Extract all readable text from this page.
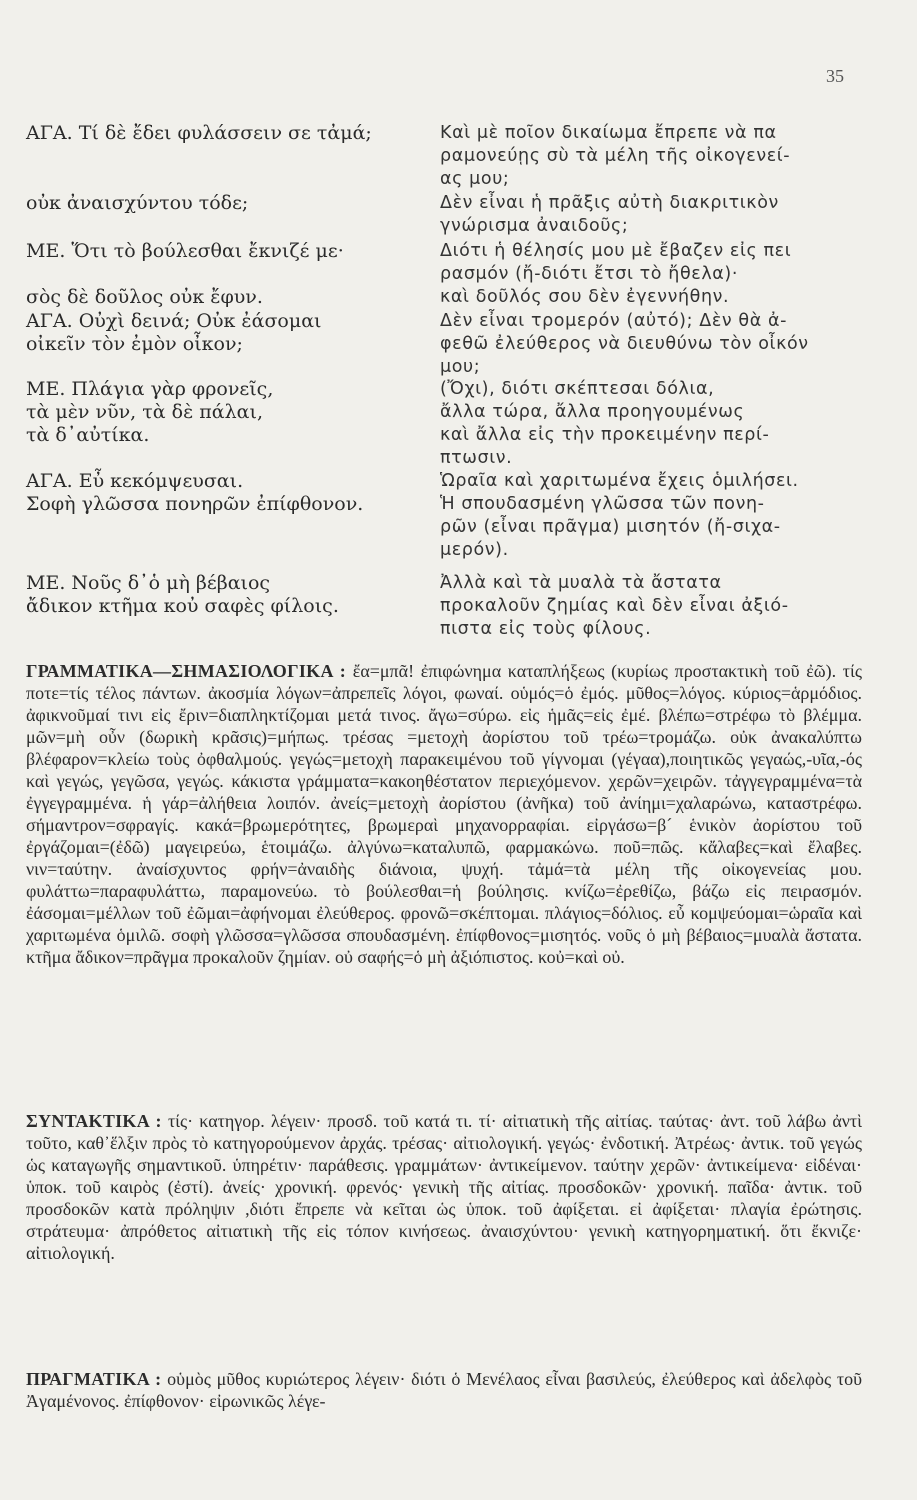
35
ΑΓΑ. Τί δὲ ἔδει φυλάσσειν σε τἀμά;	Καὶ μὲ ποῖον δικαίωμα ἔπρεπε νὰ πα
ραμονεύῃς σὺ τὰ μέλη τῆς οἰκογενεί-
ας μου;
οὐκ ἀναισχύντου τόδε;	Δὲν εἶναι ἡ πρᾶξις αὐτὴ διακριτικὸν
γνώρισμα ἀναιδοῦς;
ΜΕ. Ὅτι τὸ βούλεσθαι ἔκνιζέ με·
σὸς δὲ δοῦλος οὐκ ἔφυν.
Διότι ἡ θέλησίς μου μὲ ἔβαζεν εἰς πει
ρασμόν (ἤ-διότι ἔτσι τὸ ἤθελα)·
καὶ δοῦλός σου δὲν ἐγεννήθην.
ΑΓΑ. Οὐχὶ δεινά; Οὐκ ἐάσομαι
οἰκεῖν τὸν ἐμὸν οἶκον;
Δὲν εἶναι τρομερόν (αὐτό); Δὲν θὰ ἀ-
φεθῶ ἐλεύθερος νὰ διευθύνω τὸν οἶκόν
μου;
ΜΕ. Πλάγια γὰρ φρονεῖς,
τὰ μὲν νῦν, τὰ δὲ πάλαι,
τὰ δ᾽αὐτίκα.
(Ὄχι), διότι σκέπτεσαι δόλια,
ἄλλα τώρα, ἄλλα προηγουμένως
καὶ ἄλλα εἰς τὴν προκειμένην περί-
πτωσιν.
ΑΓΑ. Εὖ κεκόμψευσαι.
Σοφὴ γλῶσσα πονηρῶν ἐπίφθονον.
Ὡραῖα καὶ χαριτωμένα ἔχεις ὁμιλήσει.
Ἡ σπουδασμένη γλῶσσα τῶν πονη-
ρῶν (εἶναι πρᾶγμα) μισητόν (ἤ-σιχα-
μερόν).
ΜΕ. Νοῦς δ᾽ὁ μὴ βέβαιος
ἄδικον κτῆμα κοὐ σαφὲς φίλοις.
Ἀλλὰ καὶ τὰ μυαλὰ τὰ ἄστατα
προκαλοῦν ζημίας καὶ δὲν εἶναι ἀξιό-
πιστα εἰς τοὺς φίλους.
ΓΡΑΜΜΑΤΙΚΑ—ΣΗΜΑΣΙΟΛΟΓΙΚΑ : ἔα=μπᾶ! ἐπιφώνημα καταπλήξεως (κυρίως προστακτικὴ τοῦ ἐῶ). τίς ποτε=τίς τέλος πάντων. ἀκοσμία λόγων=ἀπρεπεῖς λόγοι, φωναί. οὑμός=ὁ ἐμός. μῦθος=λόγος. κύριος=ἁρμόδιος. ἀφικνοῦμαί τινι εἰς ἔριν=διαπληκτίζομαι μετά τινος. ἄγω=σύρω. εἰς ἡμᾶς=εἰς ἐμέ. βλέπω=στρέφω τὸ βλέμμα. μῶν=μὴ οὖν (δωρικὴ κρᾶσις)=μήπως. τρέσας =μετοχὴ ἀορίστου τοῦ τρέω=τρομάζω. οὐκ ἀνακαλύπτω βλέφαρον=κλείω τοὺς ὀφθαλμούς. γεγώς=μετοχὴ παρακειμένου τοῦ γίγνομαι (γέγαα),ποιητικῶς γεγαώς,-υῖα,-ός καὶ γεγώς, γεγῶσα, γεγώς. κάκιστα γράμματα=κακοηθέστατον περιεχόμενον. χερῶν=χειρῶν. τἀγγεγραμμένα=τὰ ἐγγεγραμμένα. ἡ γάρ=ἀλήθεια λοιπόν. ἀνείς=μετοχὴ ἀορίστου (ἀνῆκα) τοῦ ἀνίημι=χαλαρώνω, καταστρέφω. σήμαντρον=σφραγίς. κακά=βρωμερότητες, βρωμεραὶ μηχανορραφίαι. εἰργάσω=β´ ἑνικὸν ἀορίστου τοῦ ἐργάζομαι=(ἐδῶ) μαγειρεύω, ἑτοιμάζω. ἀλγύνω=καταλυπῶ, φαρμακώνω. ποῦ=πῶς. κἄλαβες=καὶ ἔλαβες. νιν=ταύτην. ἀναίσχυντος φρήν=ἀναιδὴς διάνοια, ψυχή. τἀμά=τὰ μέλη τῆς οἰκογενείας μου. φυλάττω=παραφυλάττω, παραμονεύω. τὸ βούλεσθαι=ἡ βούλησις. κνίζω=ἐρεθίζω, βάζω εἰς πειρασμόν. ἐάσομαι=μέλλων τοῦ ἐῶμαι=ἀφήνομαι ἐλεύθερος. φρονῶ=σκέπτομαι. πλάγιος=δόλιος. εὖ κομψεύομαι=ὡραῖα καὶ χαριτωμένα ὁμιλῶ. σοφὴ γλῶσσα=γλῶσσα σπουδασμένη. ἐπίφθονος=μισητός. νοῦς ὁ μὴ βέβαιος=μυαλὰ ἄστατα. κτῆμα ἄδικον=πρᾶγμα προκαλοῦν ζημίαν. οὐ σαφής=ὁ μὴ ἀξιόπιστος. κοὐ=καὶ οὐ.
ΣΥΝΤΑΚΤΙΚΑ : τίς· κατηγορ. λέγειν· προσδ. τοῦ κατά τι. τί· αἰτιατικὴ τῆς αἰτίας. ταύτας· ἀντ. τοῦ λάβω ἀντὶ τοῦτο, καθ᾽ἕλξιν πρὸς τὸ κατηγορούμενον ἀρχάς. τρέσας· αἰτιολογική. γεγώς· ἐνδοτική. Ἀτρέως· ἀντικ. τοῦ γεγώς ὡς καταγωγῆς σημαντικοῦ. ὑπηρέτιν· παράθεσις. γραμμάτων· ἀντικείμενον. ταύτην χερῶν· ἀντικείμενα· εἰδέναι· ὑποκ. τοῦ καιρὸς (ἐστί). ἀνείς· χρονική. φρενός· γενικὴ τῆς αἰτίας. προσδοκῶν· χρονική. παῖδα· ἀντικ. τοῦ προσδοκῶν κατὰ πρόληψιν ,διότι ἔπρεπε νὰ κεῖται ὡς ὑποκ. τοῦ ἀφίξεται. εἰ ἀφίξεται· πλαγία ἐρώτησις. στράτευμα· ἀπρόθετος αἰτιατικὴ τῆς εἰς τόπον κινήσεως. ἀναισχύντου· γενικὴ κατηγορηματική. ὅτι ἔκνιζε· αἰτιολογική.
ΠΡΑΓΜΑΤΙΚΑ : οὑμὸς μῦθος κυριώτερος λέγειν· διότι ὁ Μενέλαος εἶναι βασιλεύς, ἐλεύθερος καὶ ἀδελφὸς τοῦ Ἀγαμένονος. ἐπίφθονον· εἰρωνικῶς λέγε-
